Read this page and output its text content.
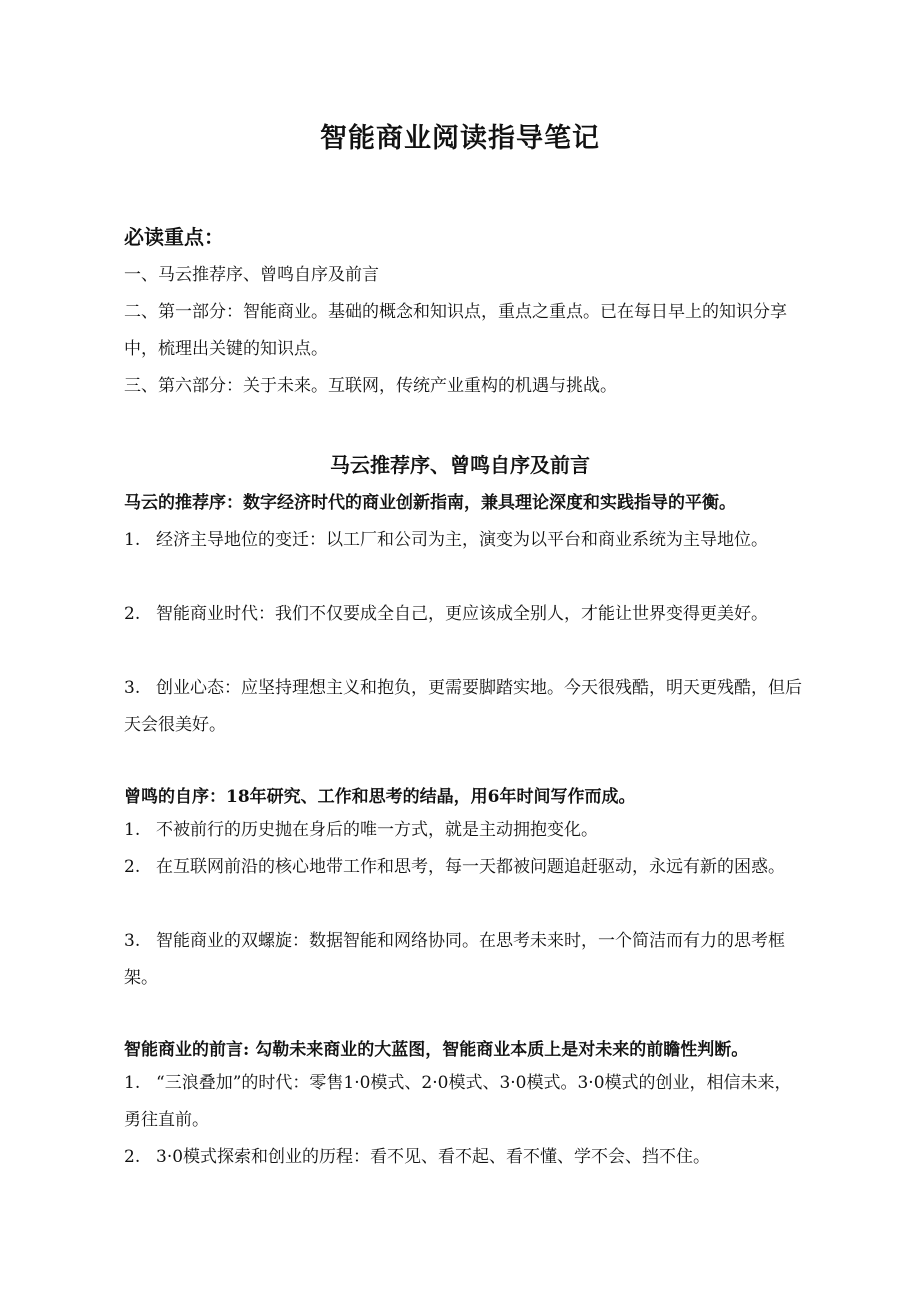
智能商业阅读指导笔记
必读重点：
一、马云推荐序、曾鸣自序及前言
二、第一部分：智能商业。基础的概念和知识点，重点之重点。已在每日早上的知识分享中，梳理出关键的知识点。
三、第六部分：关于未来。互联网，传统产业重构的机遇与挑战。
马云推荐序、曾鸣自序及前言
马云的推荐序：数字经济时代的商业创新指南，兼具理论深度和实践指导的平衡。
1. 经济主导地位的变迁：以工厂和公司为主，演变为以平台和商业系统为主导地位。
2. 智能商业时代：我们不仅要成全自己，更应该成全别人，才能让世界变得更美好。
3. 创业心态：应坚持理想主义和抱负，更需要脚踏实地。今天很残酷，明天更残酷，但后天会很美好。
曾鸣的自序：18年研究、工作和思考的结晶，用6年时间写作而成。
1. 不被前行的历史抛在身后的唯一方式，就是主动拥抱变化。
2. 在互联网前沿的核心地带工作和思考，每一天都被问题追赶驱动，永远有新的困惑。
3. 智能商业的双螺旋：数据智能和网络协同。在思考未来时，一个简洁而有力的思考框架。
智能商业的前言: 勾勒未来商业的大蓝图，智能商业本质上是对未来的前瞻性判断。
1. “三浪叠加”的时代：零售1·0模式、2·0模式、3·0模式。3·0模式的创业，相信未来，勇往直前。
2. 3·0模式探索和创业的历程：看不见、看不起、看不懂、学不会、挡不住。
